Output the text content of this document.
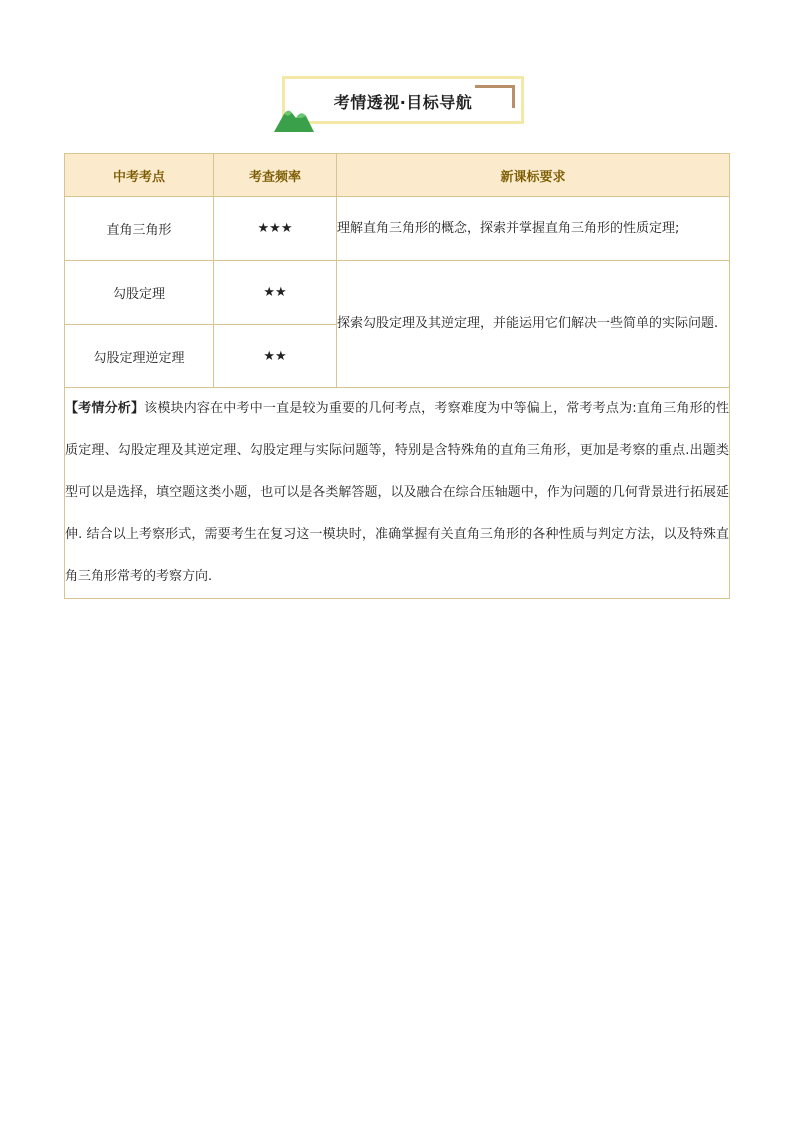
考情透视·目标导航
中考考点	考查频率	新课标要求
直角三角形	★★★	理解直角三角形的概念，探索并掌握直角三角形的性质定理;
勾股定理	★★	探索勾股定理及其逆定理，并能运用它们解决一些简单的实际问题.
勾股定理逆定理	★★	
【考情分析】该模块内容在中考中一直是较为重要的几何考点，考察难度为中等偏上，常考考点为:直角三角形的性质定理、勾股定理及其逆定理、勾股定理与实际问题等，特别是含特殊角的直角三角形，更加是考察的重点.出题类型可以是选择，填空题这类小题，也可以是各类解答题，以及融合在综合压轴题中，作为问题的几何背景进行拓展延伸. 结合以上考察形式，需要考生在复习这一模块时，准确掌握有关直角三角形的各种性质与判定方法，以及特殊直角三角形常考的考察方向.		
